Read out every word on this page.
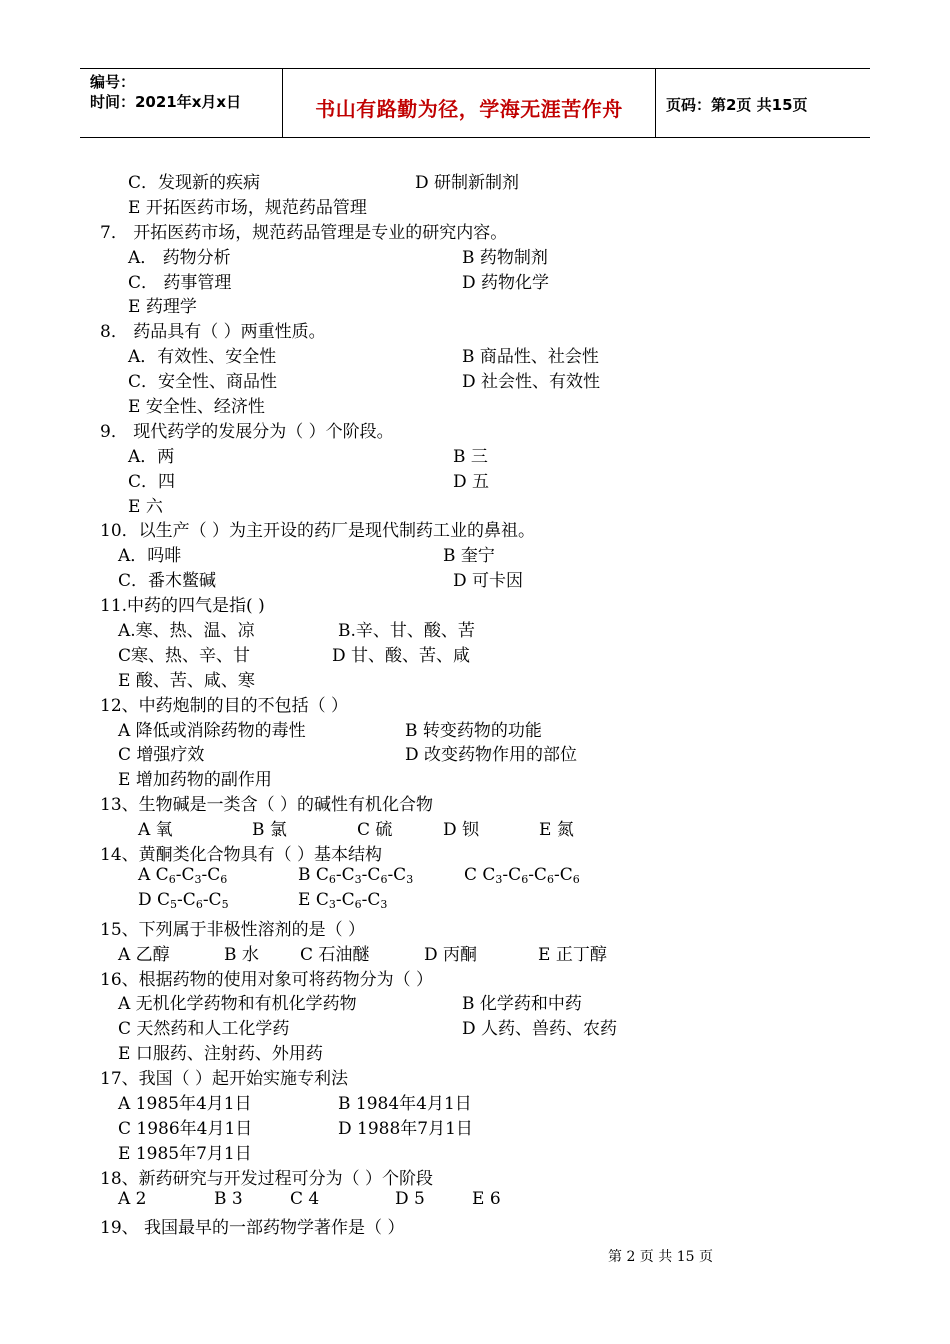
编号：
时间：2021年x月x日	书山有路勤为径，学海无涯苦作舟	页码：第2页 共15页
C．发现新的疾病	D 研制新制剂
E 开拓医药市场，规范药品管理
7． 开拓医药市场，规范药品管理是专业的研究内容。
A． 药物分析	B 药物制剂
C． 药事管理	D 药物化学
E 药理学
8． 药品具有（ ）两重性质。
A．有效性、安全性	B 商品性、社会性
C．安全性、商品性	D 社会性、有效性
E 安全性、经济性
9． 现代药学的发展分为（ ）个阶段。
A．两	B 三
C．四	D 五
E 六
10．以生产（ ）为主开设的药厂是现代制药工业的鼻祖。
A．吗啡	B 奎宁
C．番木鳖碱	D 可卡因
11.中药的四气是指( )
A.寒、热、温、凉	B.辛、甘、酸、苦
C寒、热、辛、甘	D 甘、酸、苦、咸
E 酸、苦、咸、寒
12、中药炮制的目的不包括（ ）
A 降低或消除药物的毒性	B 转变药物的功能
C 增强疗效	D 改变药物作用的部位
E 增加药物的副作用
13、生物碱是一类含（ ）的碱性有机化合物
A 氧	B 氯	C 硫	D 钡	E 氮
14、黄酮类化合物具有（ ）基本结构
A $C_6-C_3-C_6$	B $C_6-C_3-C_6-C_3$	C $C_3-C_6-C_6-C_6$
D $C_5-C_6-C_5$	E $C_3-C_6-C_3$
15、下列属于非极性溶剂的是（ ）
A 乙醇	B 水 C 石油醚	D 丙酮	E 正丁醇
16、根据药物的使用对象可将药物分为（ ）
A 无机化学药物和有机化学药物	B 化学药和中药
C 天然药和人工化学药	D 人药、兽药、农药
E 口服药、注射药、外用药
17、我国（ ）起开始实施专利法
A 1985年4月1日	B 1984年4月1日
C 1986年4月1日	D 1988年7月1日
E 1985年7月1日
18、新药研究与开发过程可分为（ ）个阶段
A 2	B 3	C 4	D 5	E 6
19、 我国最早的一部药物学著作是（ ）
第 2 页 共 15 页
